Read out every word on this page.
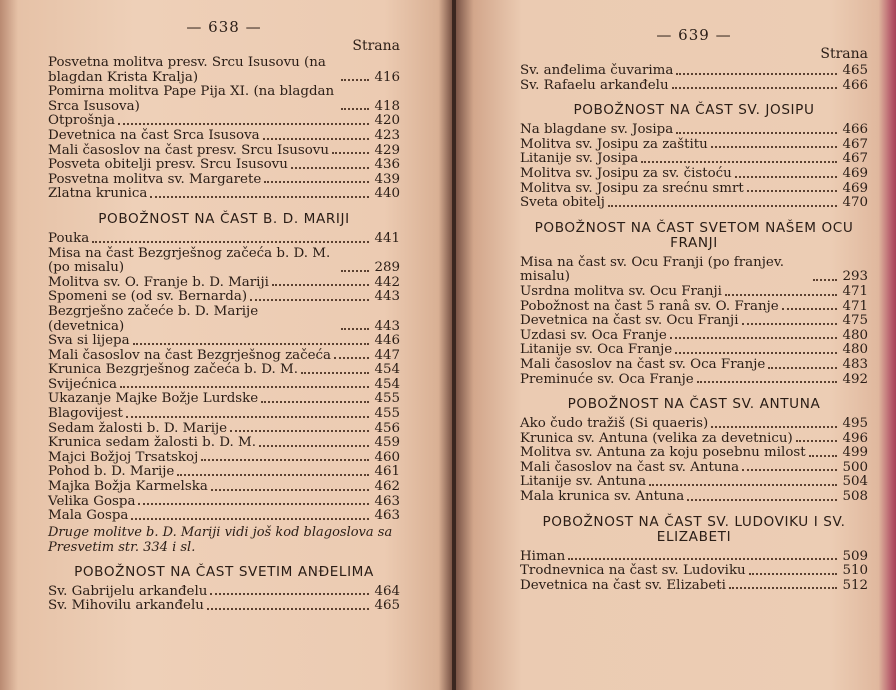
— 638 —
Strana
Posvetna molitva presv. Srcu Isusovu (na blagdan Krista Kralja)	416
Pomirna molitva Pape Pija XI. (na blagdan Srca Isusova)	418
Otprošnja	420
Devetnica na čast Srca Isusova	423
Mali časoslov na čast presv. Srcu Isusovu	429
Posveta obitelji presv. Srcu Isusovu	436
Posvetna molitva sv. Margarete	439
Zlatna krunica	440
POBOŽNOST NA ČAST B. D. MARIJI
Pouka	441
Misa na čast Bezgrješnog začeća b. D. M. (po misalu)	289
Molitva sv. O. Franje b. D. Mariji	442
Spomeni se (od sv. Bernarda)	443
Bezgrješno začeće b. D. Marije (devetnica)	443
Sva si lijepa	446
Mali časoslov na čast Bezgrješnog začeća	447
Krunica Bezgrješnog začeća b. D. M.	454
Svijećnica	454
Ukazanje Majke Božje Lurdske	455
Blagovijest	455
Sedam žalosti b. D. Marije	456
Krunica sedam žalosti b. D. M.	459
Majci Božjoj Trsatskoj	460
Pohod b. D. Marije	461
Majka Božja Karmelska	462
Velika Gospa	463
Mala Gospa	463
Druge molitve b. D. Mariji vidi još kod blagoslova sa Presvetim str. 334 i sl.
POBOŽNOST NA ČAST SVETIM ANĐELIMA
Sv. Gabrijelu arkanđelu	464
Sv. Mihovilu arkanđelu	465
— 639 —
Strana
Sv. anđelima čuvarima	465
Sv. Rafaelu arkanđelu	466
POBOŽNOST NA ČAST SV. JOSIPU
Na blagdane sv. Josipa	466
Molitva sv. Josipu za zaštitu	467
Litanije sv. Josipa	467
Molitva sv. Josipu za sv. čistoću	469
Molitva sv. Josipu za srećnu smrt	469
Sveta obitelj	470
POBOŽNOST NA ČAST SVETOM NAŠEM OCU FRANJI
Misa na čast sv. Ocu Franji (po franjev. misalu)	293
Usrdna molitva sv. Ocu Franji	471
Pobožnost na čast 5 ranâ sv. O. Franje	471
Devetnica na čast sv. Ocu Franji	475
Uzdasi sv. Oca Franje	480
Litanije sv. Oca Franje	480
Mali časoslov na čast sv. Oca Franje	483
Preminuće sv. Oca Franje	492
POBOŽNOST NA ČAST SV. ANTUNA
Ako čudo tražiš (Si quaeris)	495
Krunica sv. Antuna (velika za devetnicu)	496
Molitva sv. Antuna za koju posebnu milost	499
Mali časoslov na čast sv. Antuna	500
Litanije sv. Antuna	504
Mala krunica sv. Antuna	508
POBOŽNOST NA ČAST SV. LUDOVIKU I SV. ELIZABETI
Himan	509
Trodnevnica na čast sv. Ludoviku	510
Devetnica na čast sv. Elizabeti	512
